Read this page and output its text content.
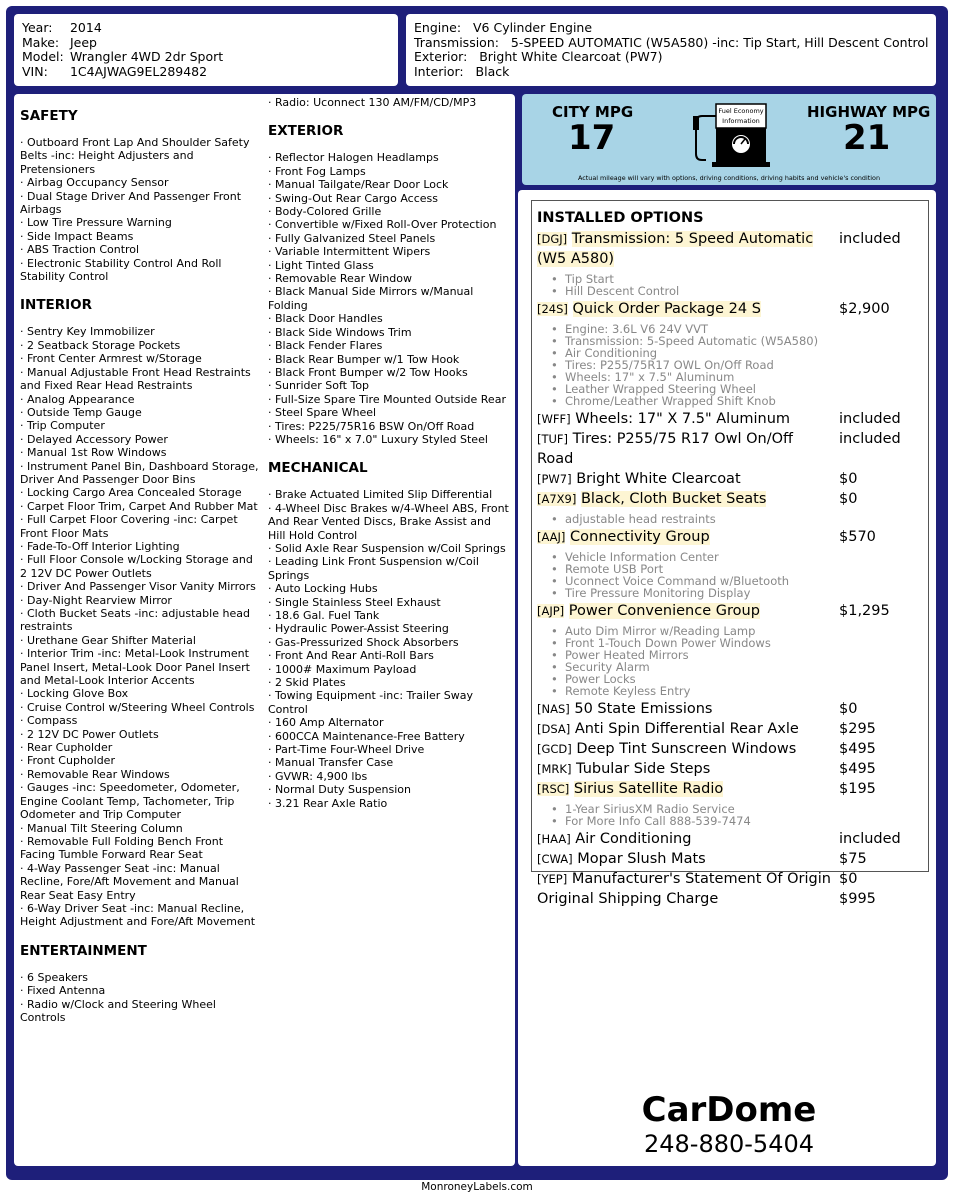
Year: 2014
Make: Jeep
Model: Wrangler 4WD 2dr Sport
VIN: 1C4AJWAG9EL289482
Engine: V6 Cylinder Engine
Transmission: 5-SPEED AUTOMATIC (W5A580) -inc: Tip Start, Hill Descent Control
Exterior: Bright White Clearcoat (PW7)
Interior: Black
SAFETY
· Outboard Front Lap And Shoulder Safety Belts -inc: Height Adjusters and Pretensioners
· Airbag Occupancy Sensor
· Dual Stage Driver And Passenger Front Airbags
· Low Tire Pressure Warning
· Side Impact Beams
· ABS Traction Control
· Electronic Stability Control And Roll Stability Control
INTERIOR
· Sentry Key Immobilizer
· 2 Seatback Storage Pockets
· Front Center Armrest w/Storage
· Manual Adjustable Front Head Restraints and Fixed Rear Head Restraints
· Analog Appearance
· Outside Temp Gauge
· Trip Computer
· Delayed Accessory Power
· Manual 1st Row Windows
· Instrument Panel Bin, Dashboard Storage, Driver And Passenger Door Bins
· Locking Cargo Area Concealed Storage
· Carpet Floor Trim, Carpet And Rubber Mat
· Full Carpet Floor Covering -inc: Carpet Front Floor Mats
· Fade-To-Off Interior Lighting
· Full Floor Console w/Locking Storage and 2 12V DC Power Outlets
· Driver And Passenger Visor Vanity Mirrors
· Day-Night Rearview Mirror
· Cloth Bucket Seats -inc: adjustable head restraints
· Urethane Gear Shifter Material
· Interior Trim -inc: Metal-Look Instrument Panel Insert, Metal-Look Door Panel Insert and Metal-Look Interior Accents
· Locking Glove Box
· Cruise Control w/Steering Wheel Controls
· Compass
· 2 12V DC Power Outlets
· Rear Cupholder
· Front Cupholder
· Removable Rear Windows
· Gauges -inc: Speedometer, Odometer, Engine Coolant Temp, Tachometer, Trip Odometer and Trip Computer
· Manual Tilt Steering Column
· Removable Full Folding Bench Front Facing Tumble Forward Rear Seat
· 4-Way Passenger Seat -inc: Manual Recline, Fore/Aft Movement and Manual Rear Seat Easy Entry
· 6-Way Driver Seat -inc: Manual Recline, Height Adjustment and Fore/Aft Movement
ENTERTAINMENT
· 6 Speakers
· Fixed Antenna
· Radio w/Clock and Steering Wheel Controls
· Radio: Uconnect 130 AM/FM/CD/MP3
EXTERIOR
· Reflector Halogen Headlamps
· Front Fog Lamps
· Manual Tailgate/Rear Door Lock
· Swing-Out Rear Cargo Access
· Body-Colored Grille
· Convertible w/Fixed Roll-Over Protection
· Fully Galvanized Steel Panels
· Variable Intermittent Wipers
· Light Tinted Glass
· Removable Rear Window
· Black Manual Side Mirrors w/Manual Folding
· Black Door Handles
· Black Side Windows Trim
· Black Fender Flares
· Black Rear Bumper w/1 Tow Hook
· Black Front Bumper w/2 Tow Hooks
· Sunrider Soft Top
· Full-Size Spare Tire Mounted Outside Rear
· Steel Spare Wheel
· Tires: P225/75R16 BSW On/Off Road
· Wheels: 16" x 7.0" Luxury Styled Steel
MECHANICAL
· Brake Actuated Limited Slip Differential
· 4-Wheel Disc Brakes w/4-Wheel ABS, Front And Rear Vented Discs, Brake Assist and Hill Hold Control
· Solid Axle Rear Suspension w/Coil Springs
· Leading Link Front Suspension w/Coil Springs
· Auto Locking Hubs
· Single Stainless Steel Exhaust
· 18.6 Gal. Fuel Tank
· Hydraulic Power-Assist Steering
· Gas-Pressurized Shock Absorbers
· Front And Rear Anti-Roll Bars
· 1000# Maximum Payload
· 2 Skid Plates
· Towing Equipment -inc: Trailer Sway Control
· 160 Amp Alternator
· 600CCA Maintenance-Free Battery
· Part-Time Four-Wheel Drive
· Manual Transfer Case
· GVWR: 4,900 lbs
· Normal Duty Suspension
· 3.21 Rear Axle Ratio
CITY MPG
17
Fuel Economy
Information	HIGHWAY MPG
21
Actual mileage will vary with options, driving conditions, driving habits and vehicle's condition
INSTALLED OPTIONS
[DGJ] Transmission: 5 Speed Automatic (W5 A580)
included
• Tip Start
• Hill Descent Control
[24S] Quick Order Package 24 S	$2,900
• Engine: 3.6L V6 24V VVT
• Transmission: 5-Speed Automatic (W5A580)
• Air Conditioning
• Tires: P255/75R17 OWL On/Off Road
• Wheels: 17" x 7.5" Aluminum
• Leather Wrapped Steering Wheel
• Chrome/Leather Wrapped Shift Knob
[WFF] Wheels: 17" X 7.5" Aluminum	included
[TUF] Tires: P255/75 R17 Owl On/Off Road
included
[PW7] Bright White Clearcoat	$0
[A7X9] Black, Cloth Bucket Seats	$0
• adjustable head restraints
[AAJ] Connectivity Group	$570
• Vehicle Information Center
• Remote USB Port
• Uconnect Voice Command w/Bluetooth
• Tire Pressure Monitoring Display
[AJP] Power Convenience Group	$1,295
• Auto Dim Mirror w/Reading Lamp
• Front 1-Touch Down Power Windows
• Power Heated Mirrors
• Security Alarm
• Power Locks
• Remote Keyless Entry
[NAS] 50 State Emissions	$0
[DSA] Anti Spin Differential Rear Axle	$295
[GCD] Deep Tint Sunscreen Windows	$495
[MRK] Tubular Side Steps	$495
[RSC] Sirius Satellite Radio	$195
• 1-Year SiriusXM Radio Service
• For More Info Call 888-539-7474
[HAA] Air Conditioning	included
[CWA] Mopar Slush Mats	$75
[YEP] Manufacturer's Statement Of Origin $0
Original Shipping Charge	$995
CarDome
248-880-5404
MonroneyLabels.com
